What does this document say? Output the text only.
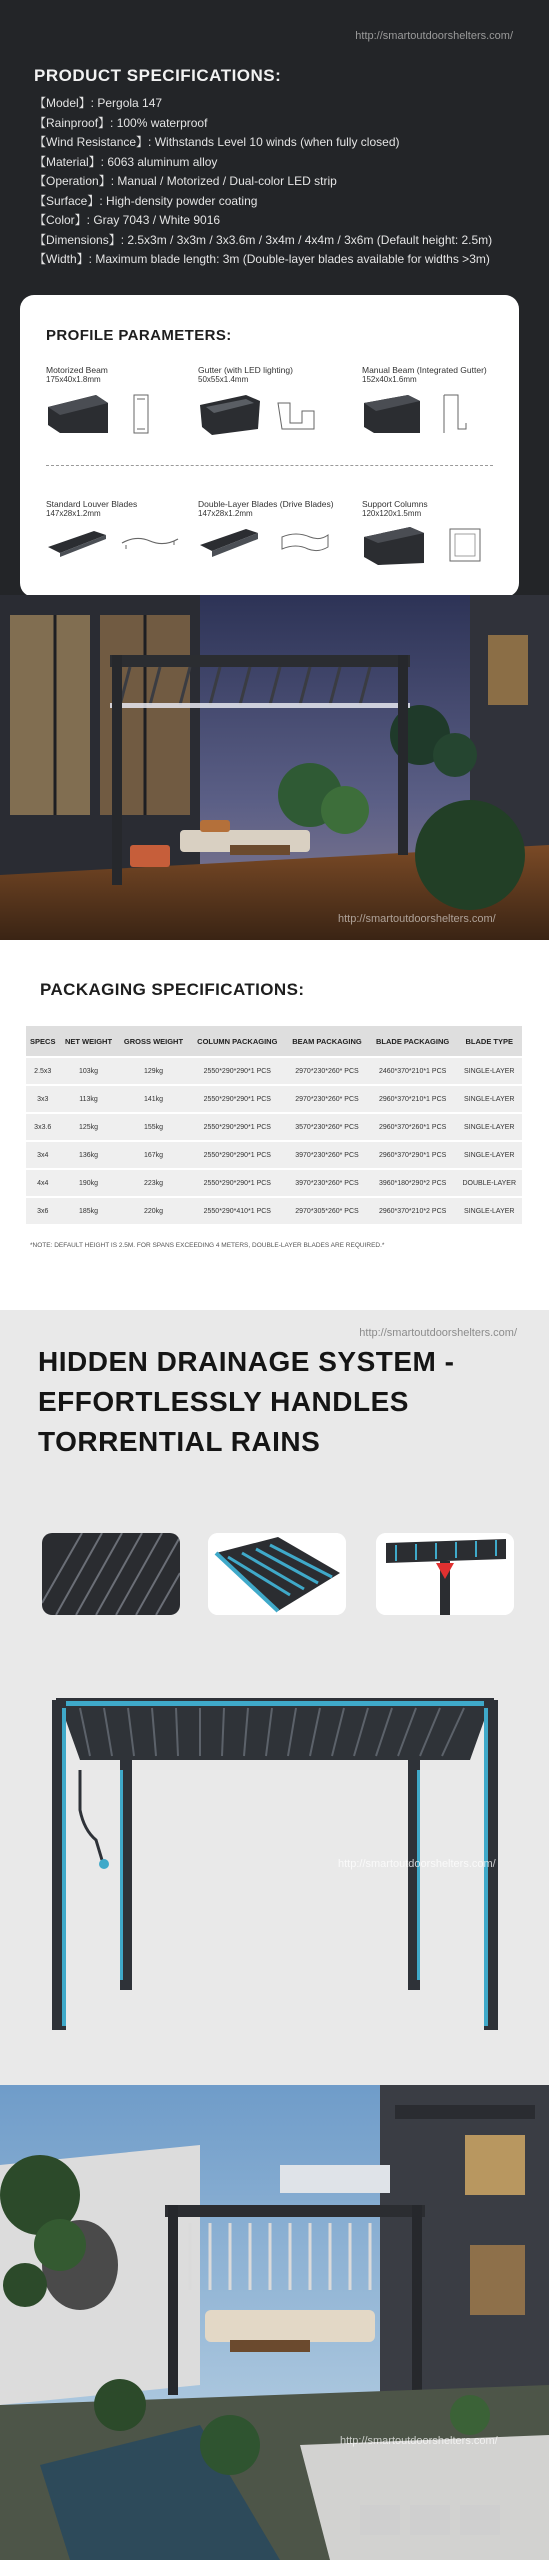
http://smartoutdoorshelters.com/
PRODUCT SPECIFICATIONS:
【Model】: Pergola 147
【Rainproof】: 100% waterproof
【Wind Resistance】: Withstands Level 10 winds (when fully closed)
【Material】: 6063 aluminum alloy
【Operation】: Manual / Motorized / Dual-color LED strip
【Surface】: High-density powder coating
【Color】: Gray 7043 / White 9016
【Dimensions】: 2.5x3m / 3x3m / 3x3.6m / 3x4m / 4x4m / 3x6m (Default height: 2.5m)
【Width】: Maximum blade length: 3m (Double-layer blades available for widths >3m)
PROFILE PARAMETERS:
Motorized Beam
175x40x1.8mm
Gutter (with LED lighting)
50x55x1.4mm
Manual Beam (Integrated Gutter)
152x40x1.6mm
Standard Louver Blades
147x28x1.2mm
Double-Layer Blades (Drive Blades)
147x28x1.2mm
Support Columns
120x120x1.5mm
http://smartoutdoorshelters.com/
PACKAGING SPECIFICATIONS:
SPECS	NET WEIGHT	GROSS WEIGHT	COLUMN PACKAGING	BEAM PACKAGING	BLADE PACKAGING	BLADE TYPE
2.5x3	103kg	129kg	2550*290*290*1 PCS	2970*230*260* PCS	2460*370*210*1 PCS	SINGLE-LAYER
3x3	113kg	141kg	2550*290*290*1 PCS	2970*230*260* PCS	2960*370*210*1 PCS	SINGLE-LAYER
3x3.6	125kg	155kg	2550*290*290*1 PCS	3570*230*260* PCS	2960*370*260*1 PCS	SINGLE-LAYER
3x4	136kg	167kg	2550*290*290*1 PCS	3970*230*260* PCS	2960*370*290*1 PCS	SINGLE-LAYER
4x4	190kg	223kg	2550*290*290*1 PCS	3970*230*260* PCS	3960*180*290*2 PCS	DOUBLE-LAYER
3x6	185kg	220kg	2550*290*410*1 PCS	2970*305*260* PCS	2960*370*210*2 PCS	SINGLE-LAYER
*NOTE: DEFAULT HEIGHT IS 2.5M. FOR SPANS EXCEEDING 4 METERS, DOUBLE-LAYER BLADES ARE REQUIRED.*
http://smartoutdoorshelters.com/
HIDDEN DRAINAGE SYSTEM - EFFORTLESSLY HANDLES TORRENTIAL RAINS
http://smartoutdoorshelters.com/
http://smartoutdoorshelters.com/
